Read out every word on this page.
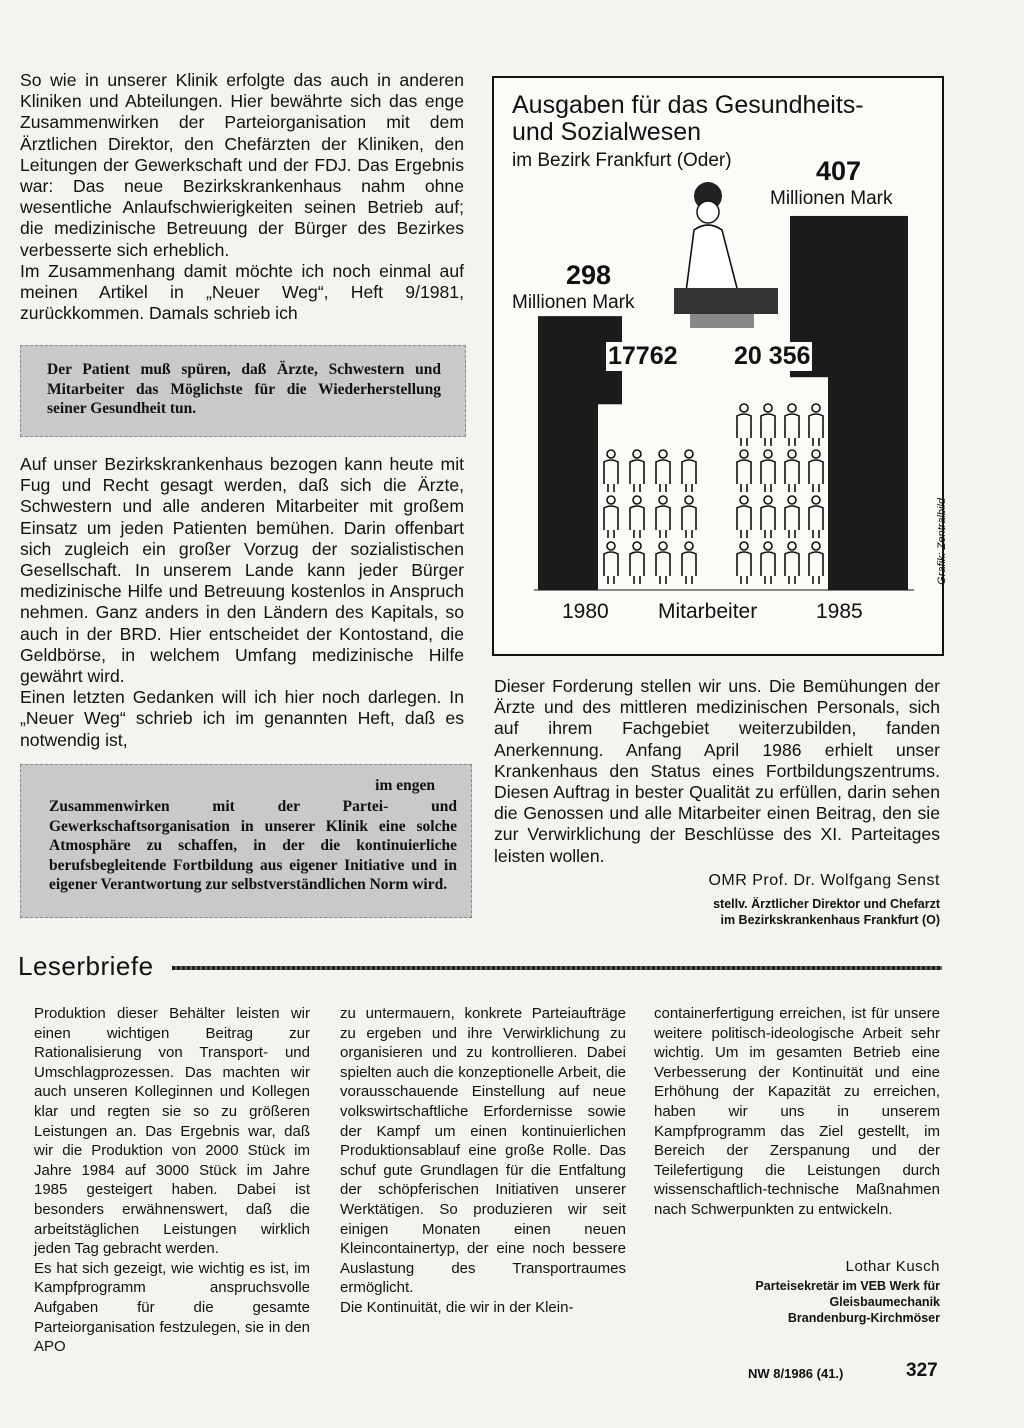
So wie in unserer Klinik erfolgte das auch in anderen Kliniken und Abteilungen. Hier bewährte sich das enge Zusammenwirken der Parteiorganisation mit dem Ärztlichen Direktor, den Chefärzten der Kliniken, den Leitungen der Gewerkschaft und der FDJ. Das Ergebnis war: Das neue Bezirkskrankenhaus nahm ohne wesentliche Anlaufschwierigkeiten seinen Betrieb auf; die medizinische Betreuung der Bürger des Bezirkes verbesserte sich erheblich.

Im Zusammenhang damit möchte ich noch einmal auf meinen Artikel in „Neuer Weg“, Heft 9/1981, zurückkommen. Damals schrieb ich

Der Patient muß spüren, daß Ärzte, Schwestern und Mitarbeiter das Möglichste für die Wiederherstellung seiner Gesundheit tun.

Auf unser Bezirkskrankenhaus bezogen kann heute mit Fug und Recht gesagt werden, daß sich die Ärzte, Schwestern und alle anderen Mitarbeiter mit großem Einsatz um jeden Patienten bemühen. Darin offenbart sich zugleich ein großer Vorzug der sozialistischen Gesellschaft. In unserem Lande kann jeder Bürger medizinische Hilfe und Betreuung kostenlos in Anspruch nehmen. Ganz anders in den Ländern des Kapitals, so auch in der BRD. Hier entscheidet der Kontostand, die Geldbörse, in welchem Umfang medizinische Hilfe gewährt wird.

Einen letzten Gedanken will ich hier noch darlegen. In „Neuer Weg“ schrieb ich im genannten Heft, daß es notwendig ist,

im engen

Zusammenwirken mit der Partei- und Gewerkschaftsorganisation in unserer Klinik eine solche Atmosphäre zu schaffen, in der die kontinuierliche berufsbegleitende Fortbildung aus eigener Initiative und in eigener Verantwortung zur selbstverständlichen Norm wird.

Ausgaben für das Gesundheits-
und Sozialwesen
im Bezirk Frankfurt (Oder)
298
Millionen Mark
407
Millionen Mark
17762 20 356
1980 Mitarbeiter	1985
Grafik: Zentralbild

Dieser Forderung stellen wir uns. Die Bemühungen der Ärzte und des mittleren medizinischen Personals, sich auf ihrem Fachgebiet weiterzubilden, fanden Anerkennung. Anfang April 1986 erhielt unser Krankenhaus den Status eines Fortbildungszentrums. Diesen Auftrag in bester Qualität zu erfüllen, darin sehen die Genossen und alle Mitarbeiter einen Beitrag, den sie zur Verwirklichung der Beschlüsse des XI. Parteitages leisten wollen.

OMR Prof. Dr. Wolfgang Senst
stellv. Ärztlicher Direktor und Chefarzt
im Bezirkskrankenhaus Frankfurt (O)
Leserbriefe

Produktion dieser Behälter leisten wir einen wichtigen Beitrag zur Rationalisierung von Transport- und Umschlagprozessen. Das machten wir auch unseren Kolleginnen und Kollegen klar und regten sie so zu größeren Leistungen an. Das Ergebnis war, daß wir die Produktion von 2000 Stück im Jahre 1984 auf 3000 Stück im Jahre 1985 gesteigert haben. Dabei ist besonders erwähnenswert, daß die arbeitstäglichen Leistungen wirklich jeden Tag gebracht werden.

Es hat sich gezeigt, wie wichtig es ist, im Kampfprogramm anspruchsvolle Aufgaben für die gesamte Parteiorganisation festzulegen, sie in den APO

zu untermauern, konkrete Parteiaufträge zu ergeben und ihre Verwirklichung zu organisieren und zu kontrollieren. Dabei spielten auch die konzeptionelle Arbeit, die vorausschauende Einstellung auf neue volkswirtschaftliche Erfordernisse sowie der Kampf um einen kontinuierlichen Produktionsablauf eine große Rolle. Das schuf gute Grundlagen für die Entfaltung der schöpferischen Initiativen unserer Werktätigen. So produzieren wir seit einigen Monaten einen neuen Kleincontainertyp, der eine noch bessere Auslastung des Transportraumes ermöglicht.

Die Kontinuität, die wir in der Klein-

containerfertigung erreichen, ist für unsere weitere politisch-ideologische Arbeit sehr wichtig. Um im gesamten Betrieb eine Verbesserung der Kontinuität und eine Erhöhung der Kapazität zu erreichen, haben wir uns in unserem Kampfprogramm das Ziel gestellt, im Bereich der Zerspanung und der Teilefertigung die Leistungen durch wissenschaftlich-technische Maßnahmen nach Schwerpunkten zu entwickeln.

Lothar Kusch
Parteisekretär im VEB Werk für
Gleisbaumechanik
Brandenburg-Kirchmöser
NW 8/1986 (41.)	327
